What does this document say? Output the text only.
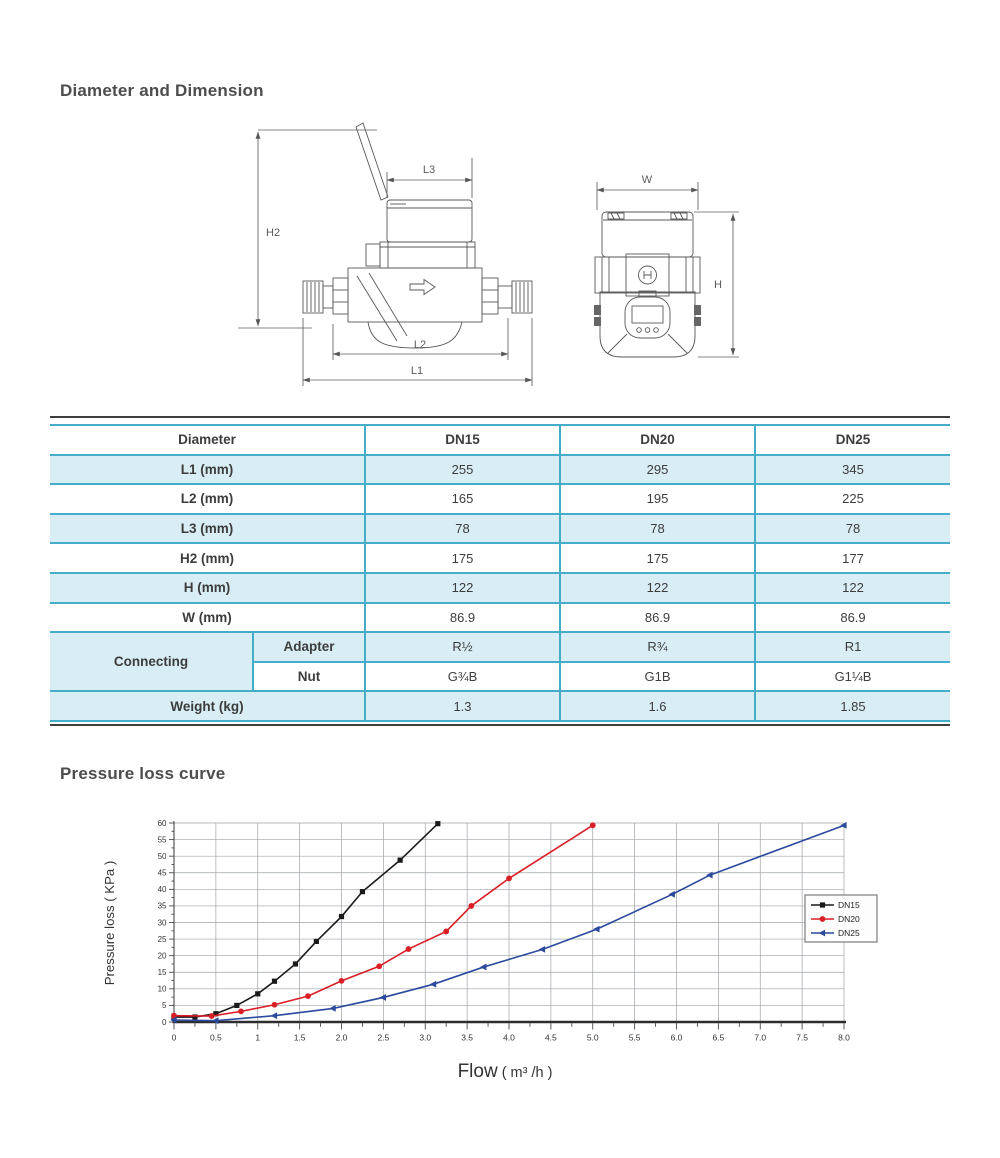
Diameter and Dimension
H2
L3
L2
L1
W
H
Diameter		DN15	DN20	DN25
L1 (mm)		255	295	345
L2 (mm)		165	195	225
L3 (mm)		78	78	78
H2 (mm)		175	175	177
H (mm)		122	122	122
W (mm)		86.9	86.9	86.9
Connecting	Adapter	R½	R¾	R1
	Nut	G¾B	G1B	G1¼B
Weight (kg)		1.3	1.6	1.85
Pressure loss curve
0	0.5	1	1.5	2.0	2.5	3.0	3.5	4.0	4.5	5.0	5.5	6.0	6.5	7.0	7.5	8.0
0
5
10
15
20
25
30
35
40
45
50
55
60
DN15
DN20
DN25
Pressure loss ( KPa )
Flow ( m³ /h )
